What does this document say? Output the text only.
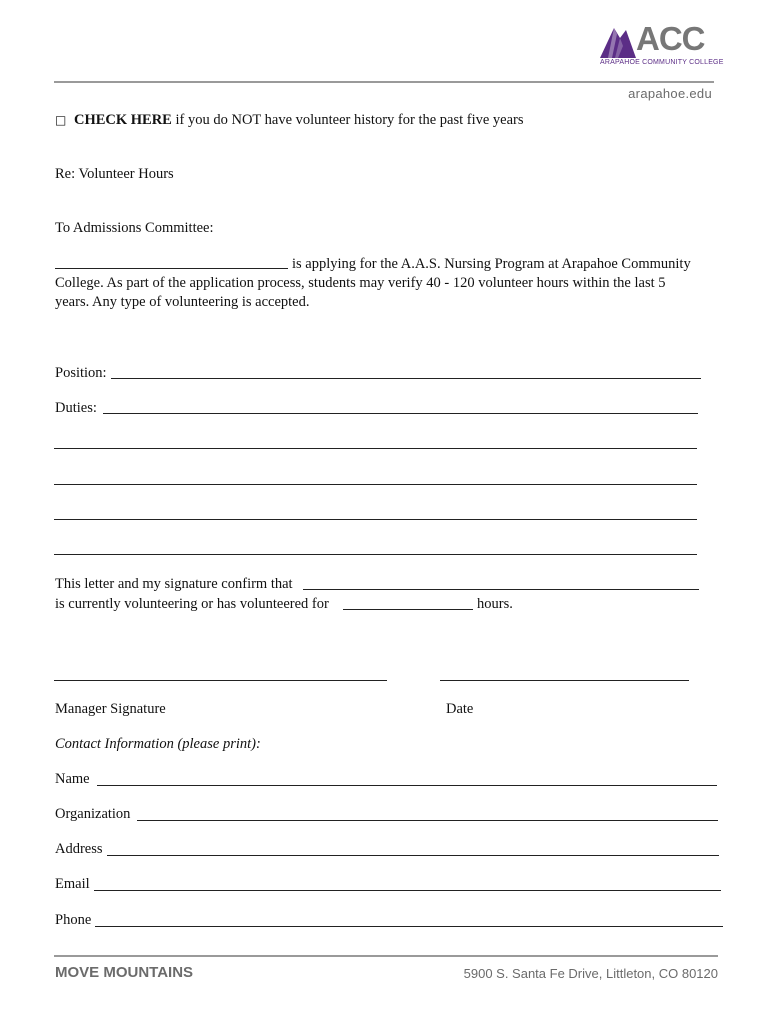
ACC
ARAPAHOE COMMUNITY COLLEGE
arapahoe.edu
□ CHECK HERE if you do NOT have volunteer history for the past five years
Re: Volunteer Hours
To Admissions Committee:
is applying for the A.A.S. Nursing Program at Arapahoe Community
College. As part of the application process, students may verify 40 - 120 volunteer hours within the last 5
years. Any type of volunteering is accepted.
Position:
Duties:
This letter and my signature confirm that
is currently volunteering or has volunteered for	hours.
Manager Signature	Date
Contact Information (please print):
Name
Organization
Address
Email
Phone
MOVE MOUNTAINS	5900 S. Santa Fe Drive, Littleton, CO 80120
